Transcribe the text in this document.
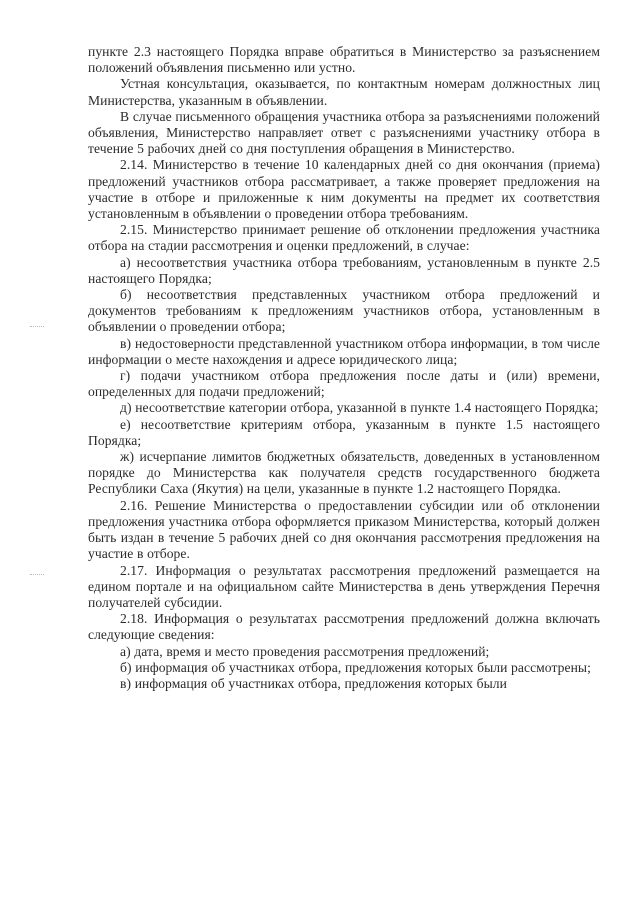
пункте 2.3 настоящего Порядка вправе обратиться в Министерство за разъяснением положений объявления письменно или устно.

Устная консультация, оказывается, по контактным номерам должностных лиц Министерства, указанным в объявлении.

В случае письменного обращения участника отбора за разъяснениями положений объявления, Министерство направляет ответ с разъяснениями участнику отбора в течение 5 рабочих дней со дня поступления обращения в Министерство.

2.14. Министерство в течение 10 календарных дней со дня окончания (приема) предложений участников отбора рассматривает, а также проверяет предложения на участие в отборе и приложенные к ним документы на предмет их соответствия установленным в объявлении о проведении отбора требованиям.

2.15. Министерство принимает решение об отклонении предложения участника отбора на стадии рассмотрения и оценки предложений, в случае:

а) несоответствия участника отбора требованиям, установленным в пункте 2.5 настоящего Порядка;

б) несоответствия представленных участником отбора предложений и документов требованиям к предложениям участников отбора, установленным в объявлении о проведении отбора;

в) недостоверности представленной участником отбора информации, в том числе информации о месте нахождения и адресе юридического лица;

г) подачи участником отбора предложения после даты и (или) времени, определенных для подачи предложений;

д) несоответствие категории отбора, указанной в пункте 1.4 настоящего Порядка;

е) несоответствие критериям отбора, указанным в пункте 1.5 настоящего Порядка;

ж) исчерпание лимитов бюджетных обязательств, доведенных в установленном порядке до Министерства как получателя средств государственного бюджета Республики Саха (Якутия) на цели, указанные в пункте 1.2 настоящего Порядка.

2.16. Решение Министерства о предоставлении субсидии или об отклонении предложения участника отбора оформляется приказом Министерства, который должен быть издан в течение 5 рабочих дней со дня окончания рассмотрения предложения на участие в отборе.

2.17. Информация о результатах рассмотрения предложений размещается на едином портале и на официальном сайте Министерства в день утверждения Перечня получателей субсидии.

2.18. Информация о результатах рассмотрения предложений должна включать следующие сведения:

а) дата, время и место проведения рассмотрения предложений;

б) информация об участниках отбора, предложения которых были рассмотрены;

в) информация об участниках отбора, предложения которых были
